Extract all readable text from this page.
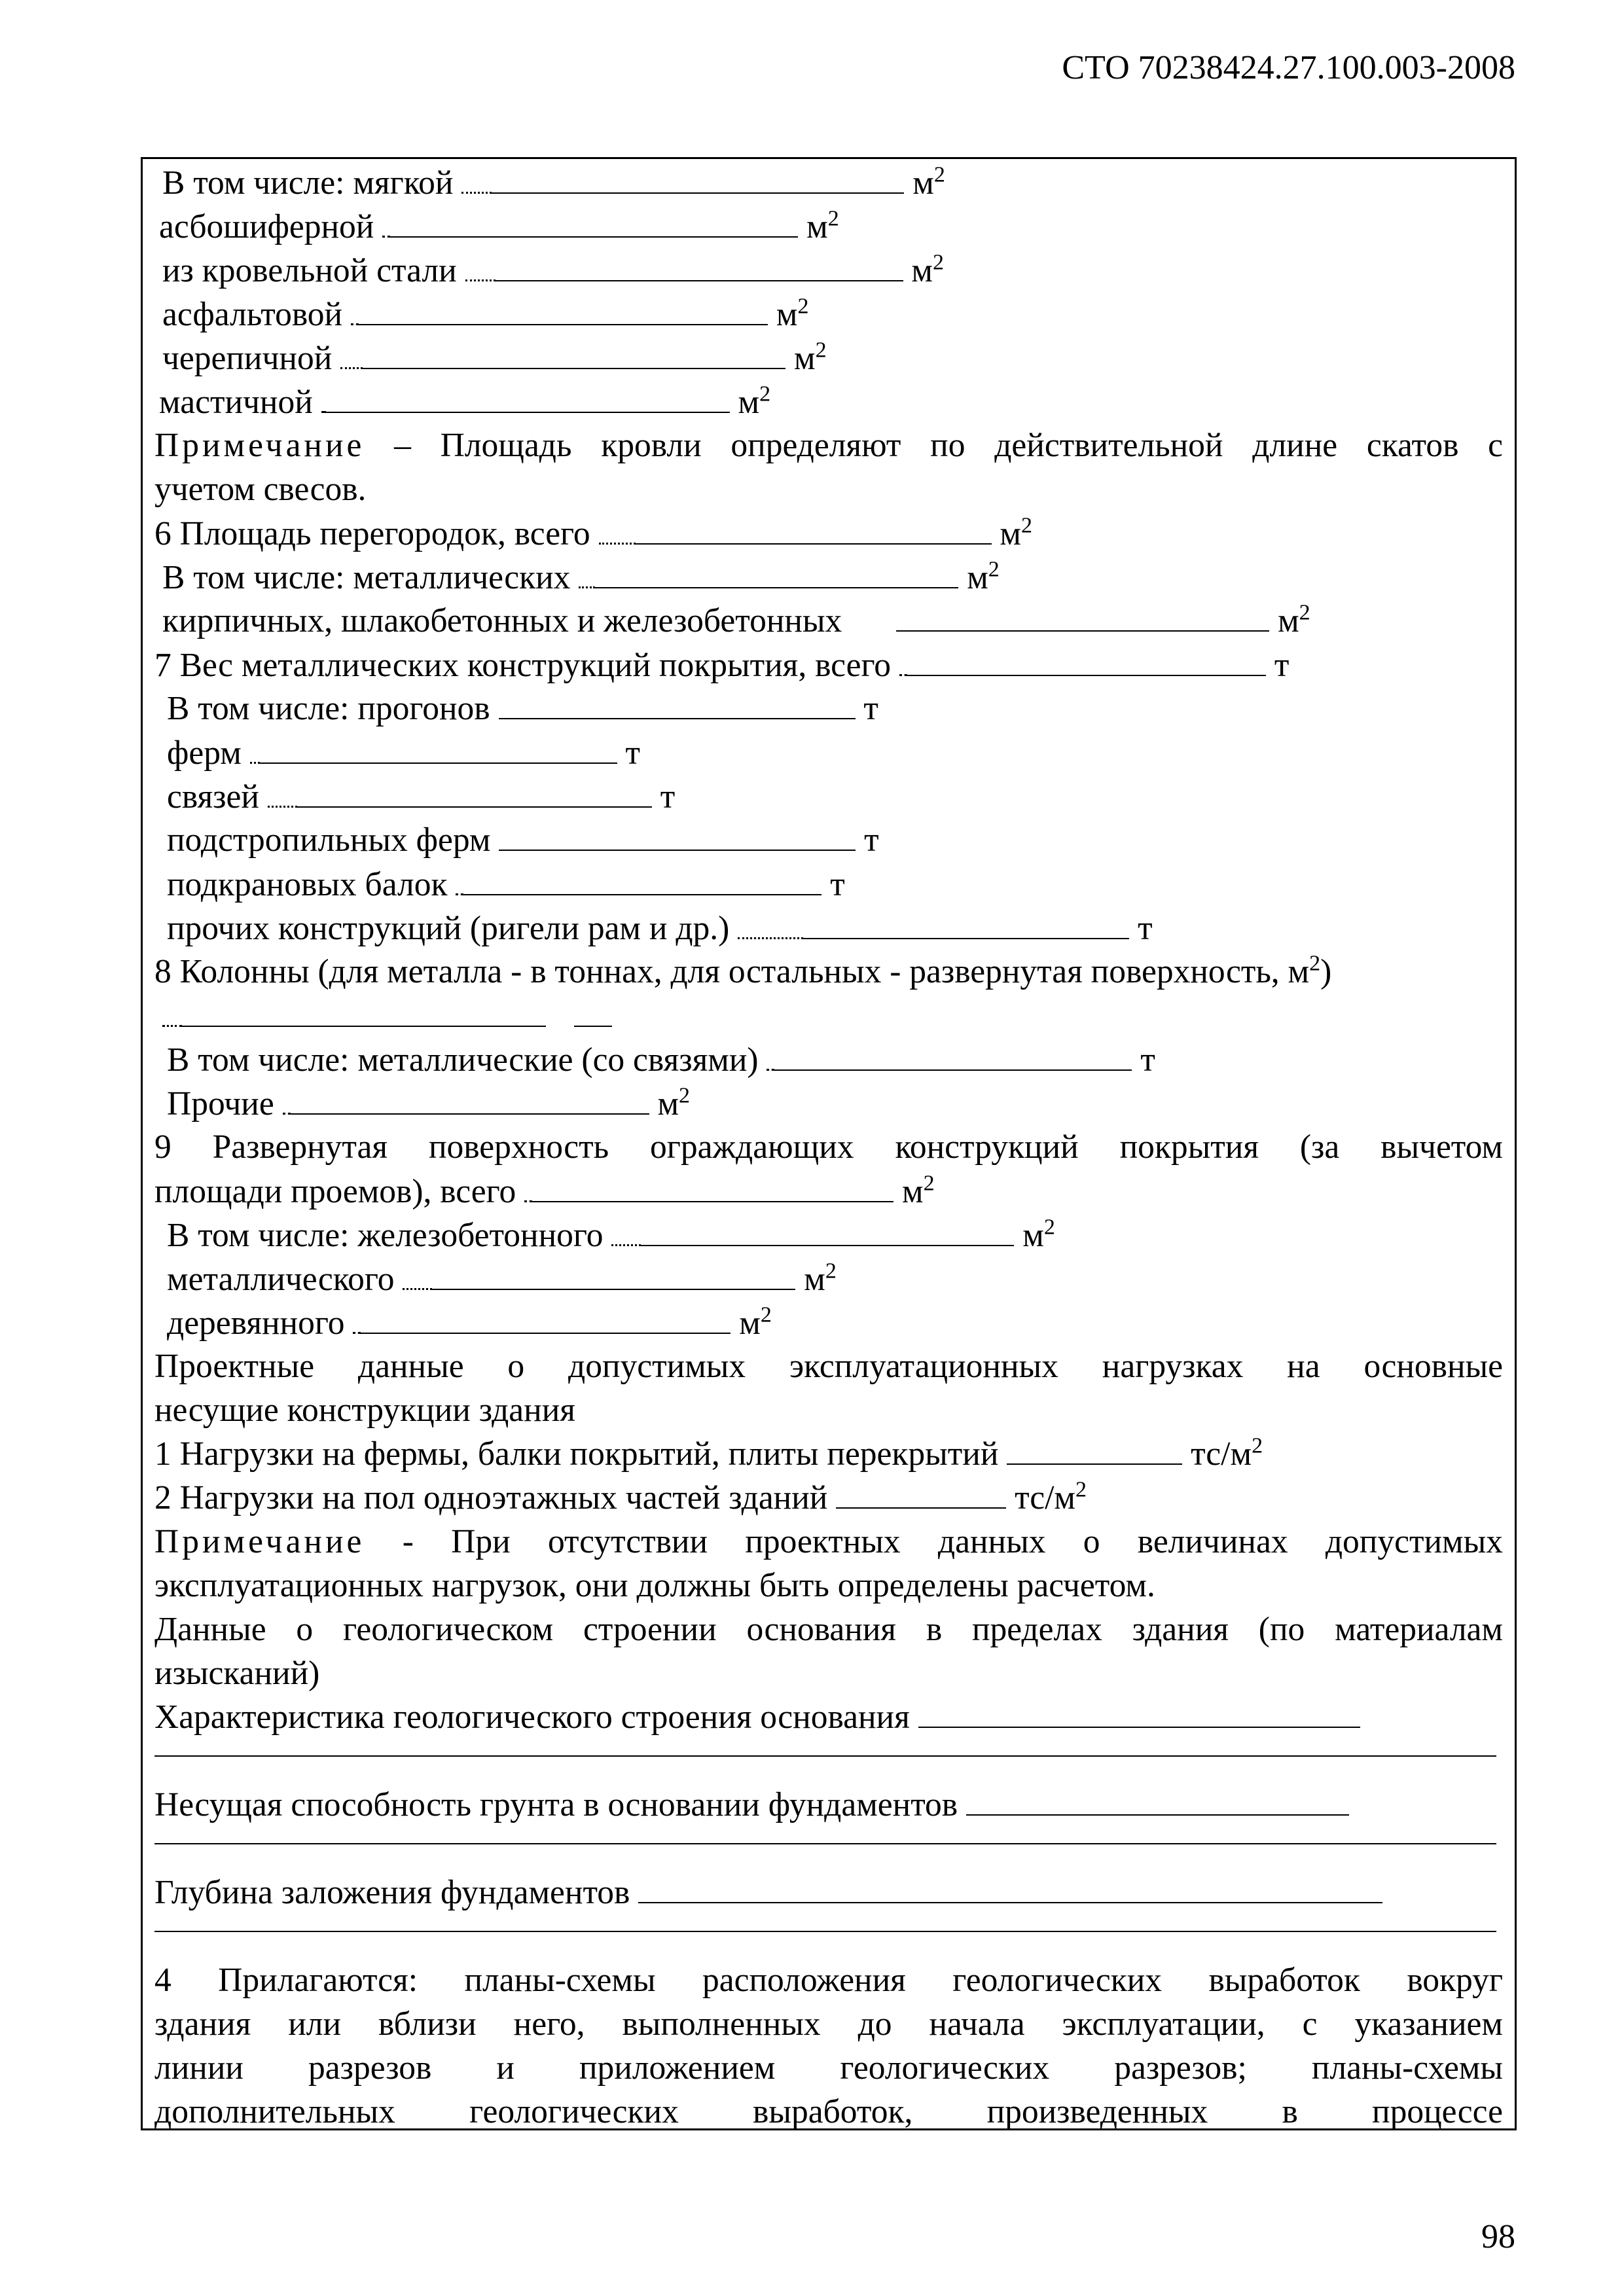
СТО 70238424.27.100.003-2008
В том числе: мягкой	$м^2$
асбошиферной	$м^2$
из кровельной стали	$м^2$
асфальтовой	$м^2$
черепичной	$м^2$
мастичной	$м^2$
Примечание – Площадь кровли определяют по действительной длине скатов с
учетом свесов.
6 Площадь перегородок, всего	$м^2$
В том числе: металлических	$м^2$
кирпичных, шлакобетонных и железобетонных	$м^2$
7 Вес металлических конструкций покрытия, всего	т
В том числе: прогонов	т
ферм	т
связей	т
подстропильных ферм	т
подкрановых балок	т
прочих конструкций (ригели рам и др.)	т
8 Колонны (для металла - в тоннах, для остальных - развернутая поверхность, $м^2$)

В том числе: металлические (со связями)	т
Прочие	$м^2$
9 Развернутая поверхность ограждающих конструкций покрытия (за вычетом
площади проемов), всего	$м^2$
В том числе: железобетонного	$м^2$
металлического	$м^2$
деревянного	$м^2$
Проектные данные о допустимых эксплуатационных нагрузках на основные
несущие конструкции здания
1 Нагрузки на фермы, балки покрытий, плиты перекрытий	$тс/м^2$
2 Нагрузки на пол одноэтажных частей зданий	$тс/м^2$
Примечание - При отсутствии проектных данных о величинах допустимых
эксплуатационных нагрузок, они должны быть определены расчетом.
Данные о геологическом строении основания в пределах здания (по материалам
изысканий)
Характеристика геологического строения основания
Несущая способность грунта в основании фундаментов
Глубина заложения фундаментов
4 Прилагаются: планы-схемы расположения геологических выработок вокруг
здания или вблизи него, выполненных до начала эксплуатации, с указанием
линии разрезов и приложением геологических разрезов; планы-схемы
дополнительных геологических выработок, произведенных в процессе
98
